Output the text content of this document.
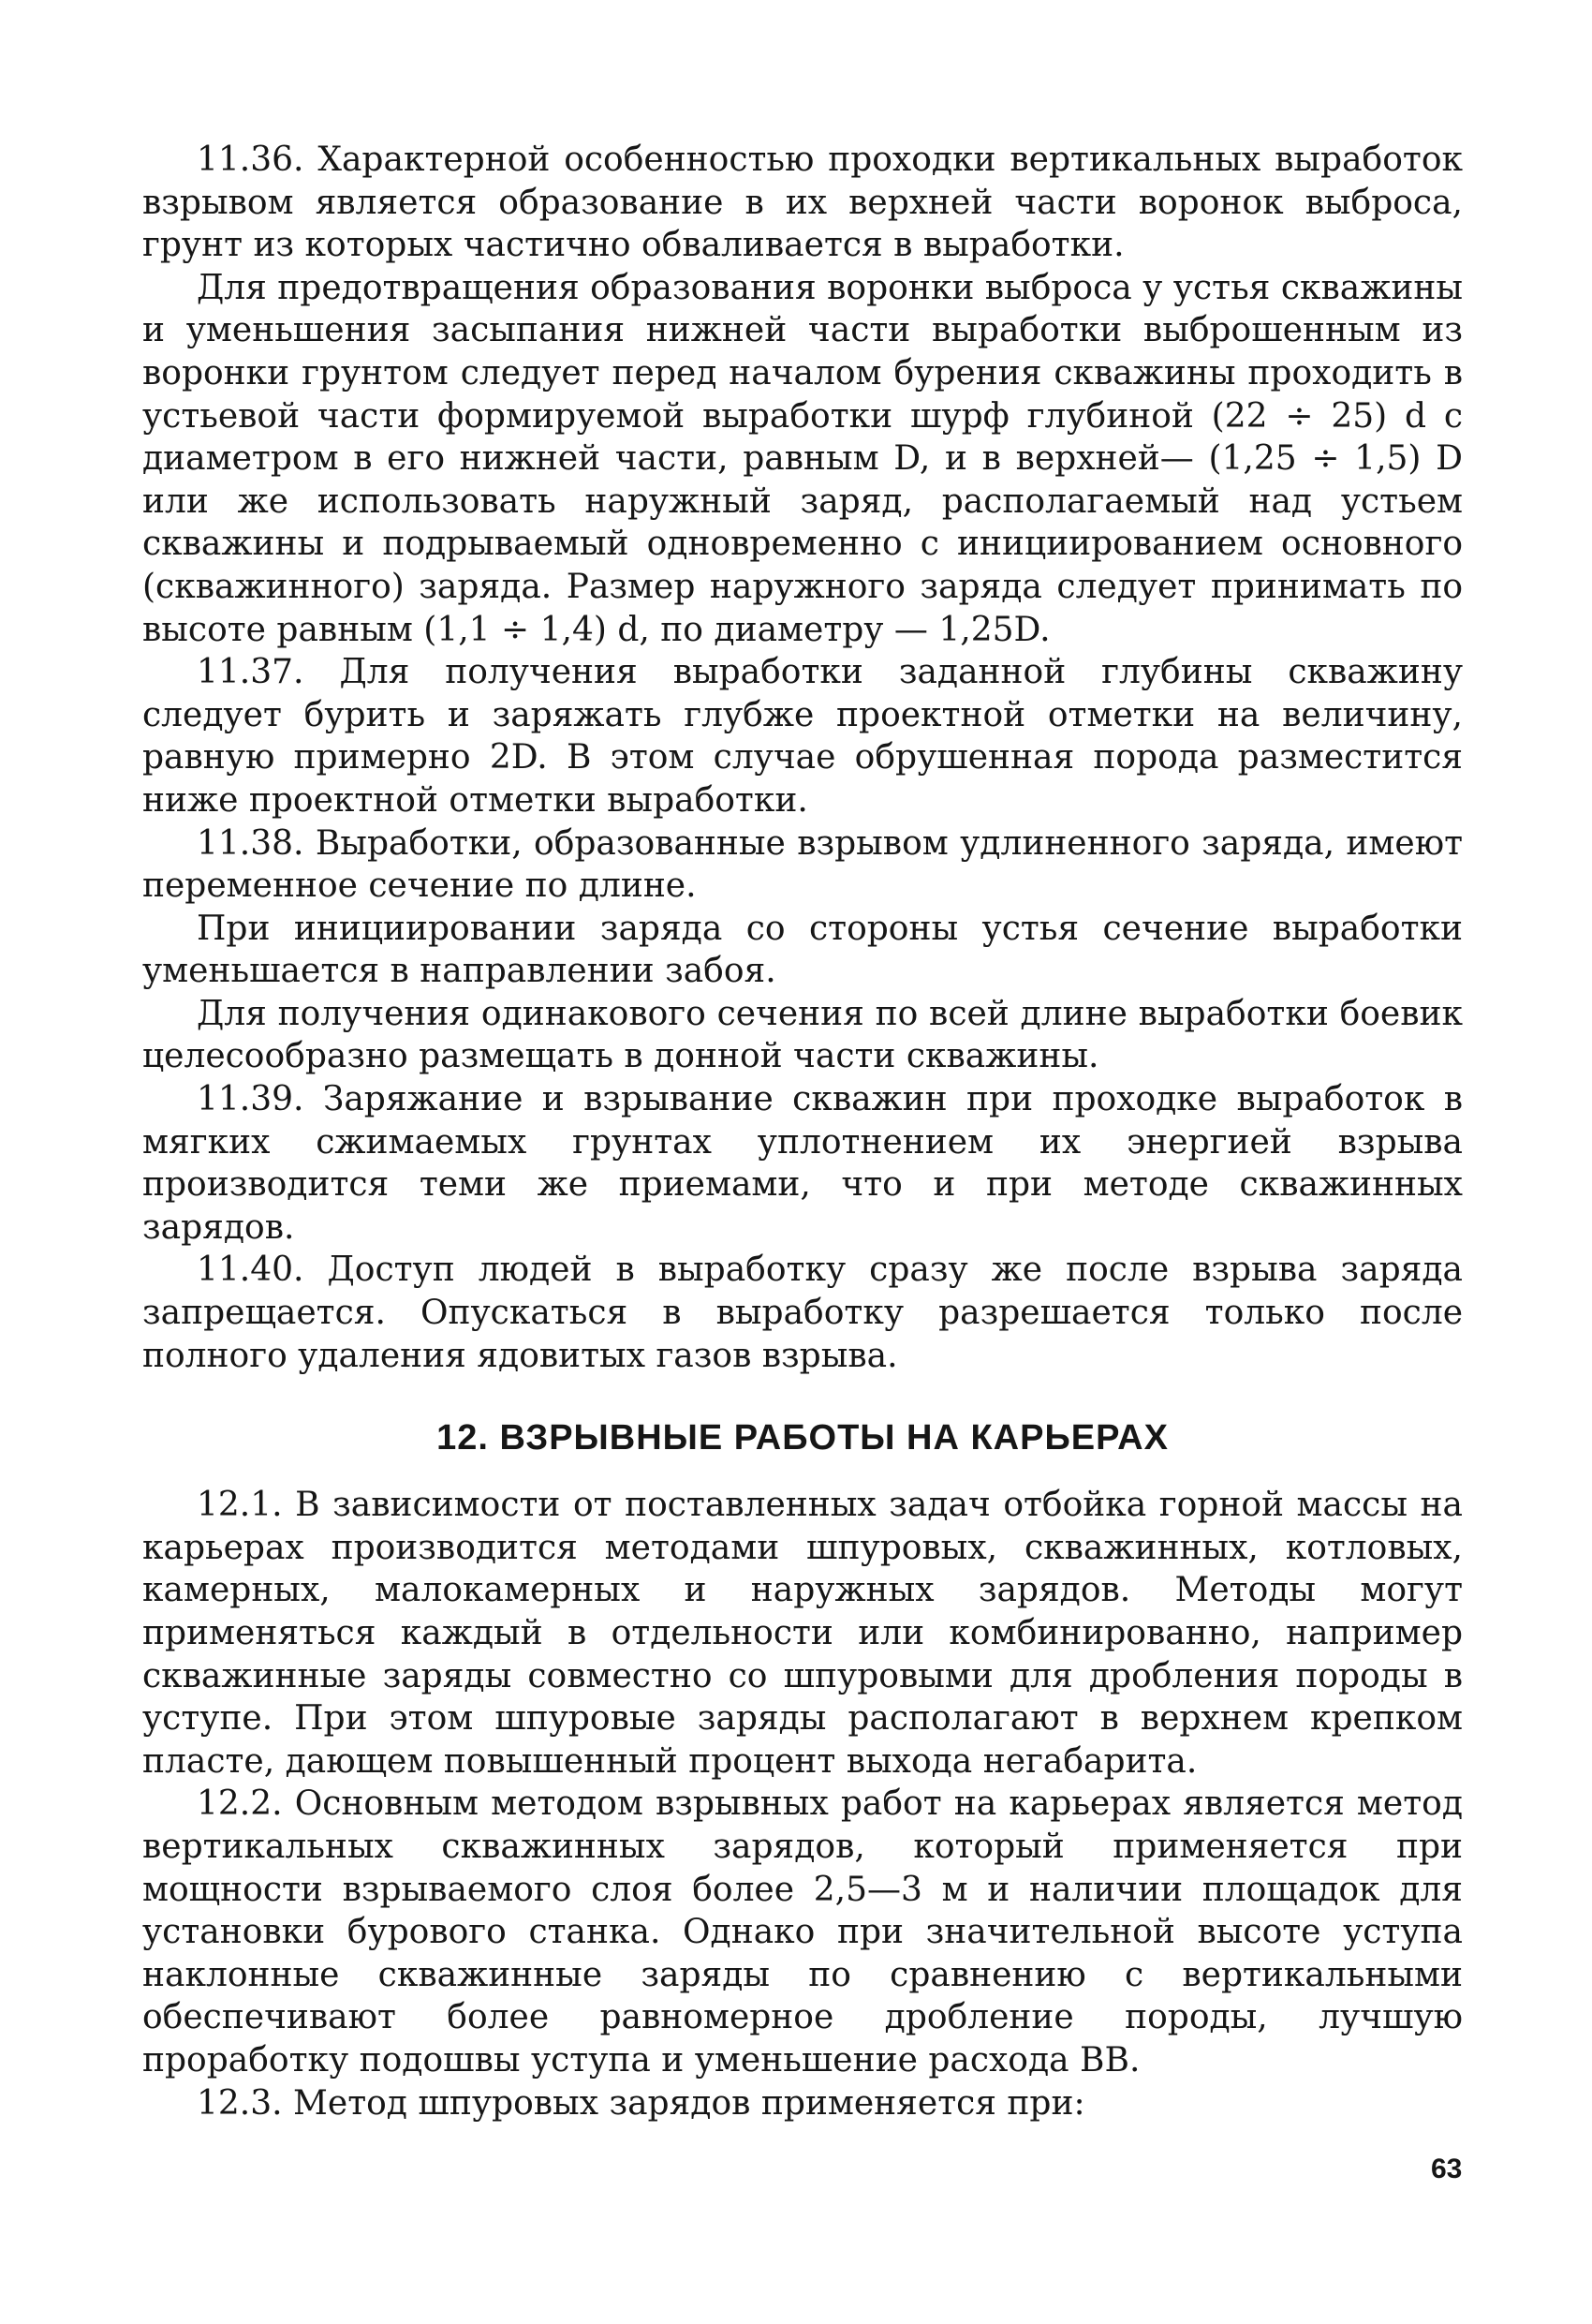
11.36. Характерной особенностью проходки вертикальных выработок взрывом является образование в их верхней части воронок выброса, грунт из которых частично обваливается в выработки.

Для предотвращения образования воронки выброса у устья скважины и уменьшения засыпания нижней части выработки выброшенным из воронки грунтом следует перед началом бурения скважины проходить в устьевой части формируемой выработки шурф глубиной (22 ÷ 25) d с диаметром в его нижней части, равным D, и в верхней— (1,25 ÷ 1,5) D или же использовать наружный заряд, располагаемый над устьем скважины и подрываемый одновременно с инициированием основного (скважинного) заряда. Размер наружного заряда следует принимать по высоте равным (1,1 ÷ 1,4) d, по диаметру — 1,25D.

11.37. Для получения выработки заданной глубины скважину следует бурить и заряжать глубже проектной отметки на величину, равную примерно 2D. В этом случае обрушенная порода разместится ниже проектной отметки выработки.

11.38. Выработки, образованные взрывом удлиненного заряда, имеют переменное сечение по длине.

При инициировании заряда со стороны устья сечение выработки уменьшается в направлении забоя.

Для получения одинакового сечения по всей длине выработки боевик целесообразно размещать в донной части скважины.

11.39. Заряжание и взрывание скважин при проходке выработок в мягких сжимаемых грунтах уплотнением их энергией взрыва производится теми же приемами, что и при методе скважинных зарядов.

11.40. Доступ людей в выработку сразу же после взрыва заряда запрещается. Опускаться в выработку разрешается только после полного удаления ядовитых газов взрыва.

12. ВЗРЫВНЫЕ РАБОТЫ НА КАРЬЕРАХ

12.1. В зависимости от поставленных задач отбойка горной массы на карьерах производится методами шпуровых, скважинных, котловых, камерных, малокамерных и наружных зарядов. Методы могут применяться каждый в отдельности или комбинированно, например скважинные заряды совместно со шпуровыми для дробления породы в уступе. При этом шпуровые заряды располагают в верхнем крепком пласте, дающем повышенный процент выхода негабарита.

12.2. Основным методом взрывных работ на карьерах является метод вертикальных скважинных зарядов, который применяется при мощности взрываемого слоя более 2,5—3 м и наличии площадок для установки бурового станка. Однако при значительной высоте уступа наклонные скважинные заряды по сравнению с вертикальными обеспечивают более равномерное дробление породы, лучшую проработку подошвы уступа и уменьшение расхода ВВ.

12.3. Метод шпуровых зарядов применяется при:

63
